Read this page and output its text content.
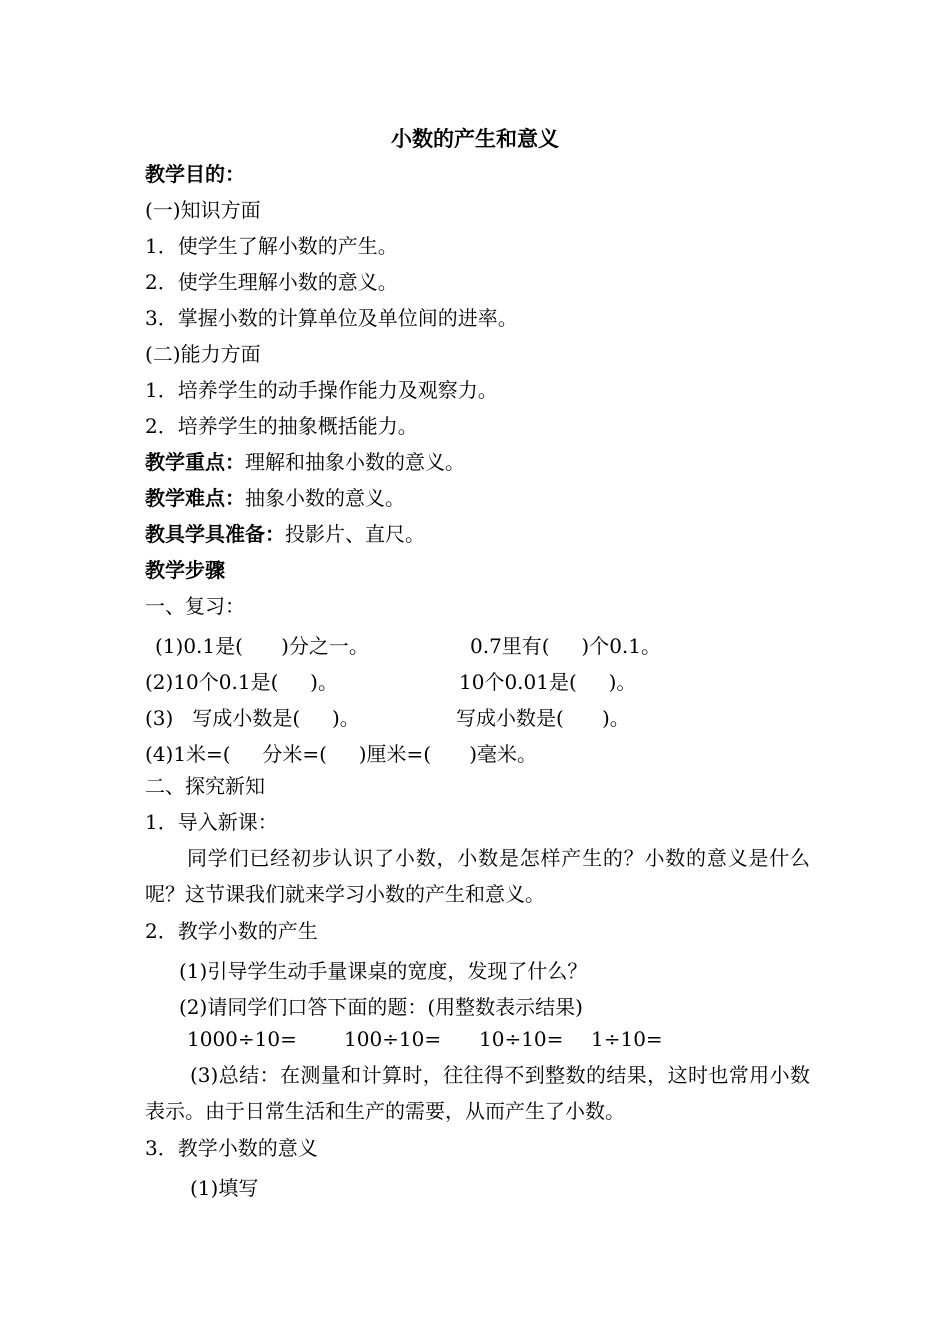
小数的产生和意义
教学目的：
(一)知识方面
1．使学生了解小数的产生。
2．使学生理解小数的意义。
3．掌握小数的计算单位及单位间的进率。
(二)能力方面
1．培养学生的动手操作能力及观察力。
2．培养学生的抽象概括能力。
教学重点：理解和抽象小数的意义。
教学难点：抽象小数的意义。
教具学具准备：投影片、直尺。
教学步骤
一、复习：
(1)0.1是(      )分之一。	0.7里有(     )个0.1。
(2)10个0.1是(     )。	10个0.01是(     )。
(3)   写成小数是(     )。	写成小数是(      )。
(4)1米=(     分米=(     )厘米=(      )毫米。
二、探究新知
1．导入新课：
同学们已经初步认识了小数，小数是怎样产生的？小数的意义是什么呢？这节课我们就来学习小数的产生和意义。
2．教学小数的产生
(1)引导学生动手量课桌的宽度，发现了什么？
(2)请同学们口答下面的题：(用整数表示结果)
1000÷10= 100÷10= 10÷10= 1÷10=
(3)总结：在测量和计算时，往往得不到整数的结果，这时也常用小数表示。由于日常生活和生产的需要，从而产生了小数。
3．教学小数的意义
(1)填写
